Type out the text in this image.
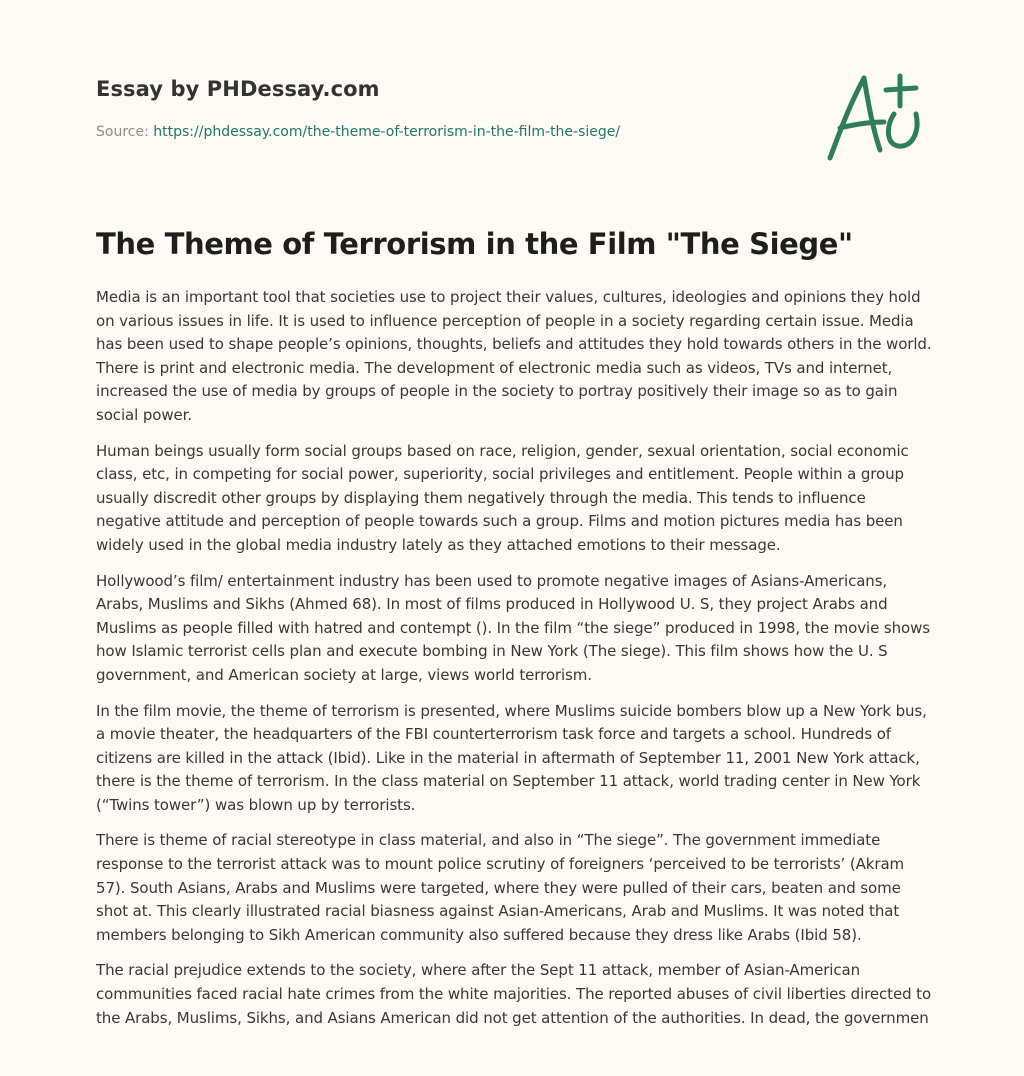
Essay by PHDessay.com
Source: https://phdessay.com/the-theme-of-terrorism-in-the-film-the-siege/
The Theme of Terrorism in the Film "The Siege"

Media is an important tool that societies use to project their values, cultures, ideologies and opinions they hold on various issues in life. It is used to influence perception of people in a society regarding certain issue. Media has been used to shape people’s opinions, thoughts, beliefs and attitudes they hold towards others in the world. There is print and electronic media. The development of electronic media such as videos, TVs and internet, increased the use of media by groups of people in the society to portray positively their image so as to gain social power.

Human beings usually form social groups based on race, religion, gender, sexual orientation, social economic class, etc, in competing for social power, superiority, social privileges and entitlement. People within a group usually discredit other groups by displaying them negatively through the media. This tends to influence negative attitude and perception of people towards such a group. Films and motion pictures media has been widely used in the global media industry lately as they attached emotions to their message.

Hollywood’s film/ entertainment industry has been used to promote negative images of Asians-Americans, Arabs, Muslims and Sikhs (Ahmed 68). In most of films produced in Hollywood U. S, they project Arabs and Muslims as people filled with hatred and contempt (). In the film “the siege” produced in 1998, the movie shows how Islamic terrorist cells plan and execute bombing in New York (The siege). This film shows how the U. S government, and American society at large, views world terrorism.

In the film movie, the theme of terrorism is presented, where Muslims suicide bombers blow up a New York bus, a movie theater, the headquarters of the FBI counterterrorism task force and targets a school. Hundreds of citizens are killed in the attack (Ibid). Like in the material in aftermath of September 11, 2001 New York attack, there is the theme of terrorism. In the class material on September 11 attack, world trading center in New York (“Twins tower”) was blown up by terrorists.

There is theme of racial stereotype in class material, and also in “The siege”. The government immediate response to the terrorist attack was to mount police scrutiny of foreigners ‘perceived to be terrorists’ (Akram 57). South Asians, Arabs and Muslims were targeted, where they were pulled of their cars, beaten and some shot at. This clearly illustrated racial biasness against Asian-Americans, Arab and Muslims. It was noted that members belonging to Sikh American community also suffered because they dress like Arabs (Ibid 58).

The racial prejudice extends to the society, where after the Sept 11 attack, member of Asian-American communities faced racial hate crimes from the white majorities. The reported abuses of civil liberties directed to the Arabs, Muslims, Sikhs, and Asians American did not get attention of the authorities. In dead, the governmen
